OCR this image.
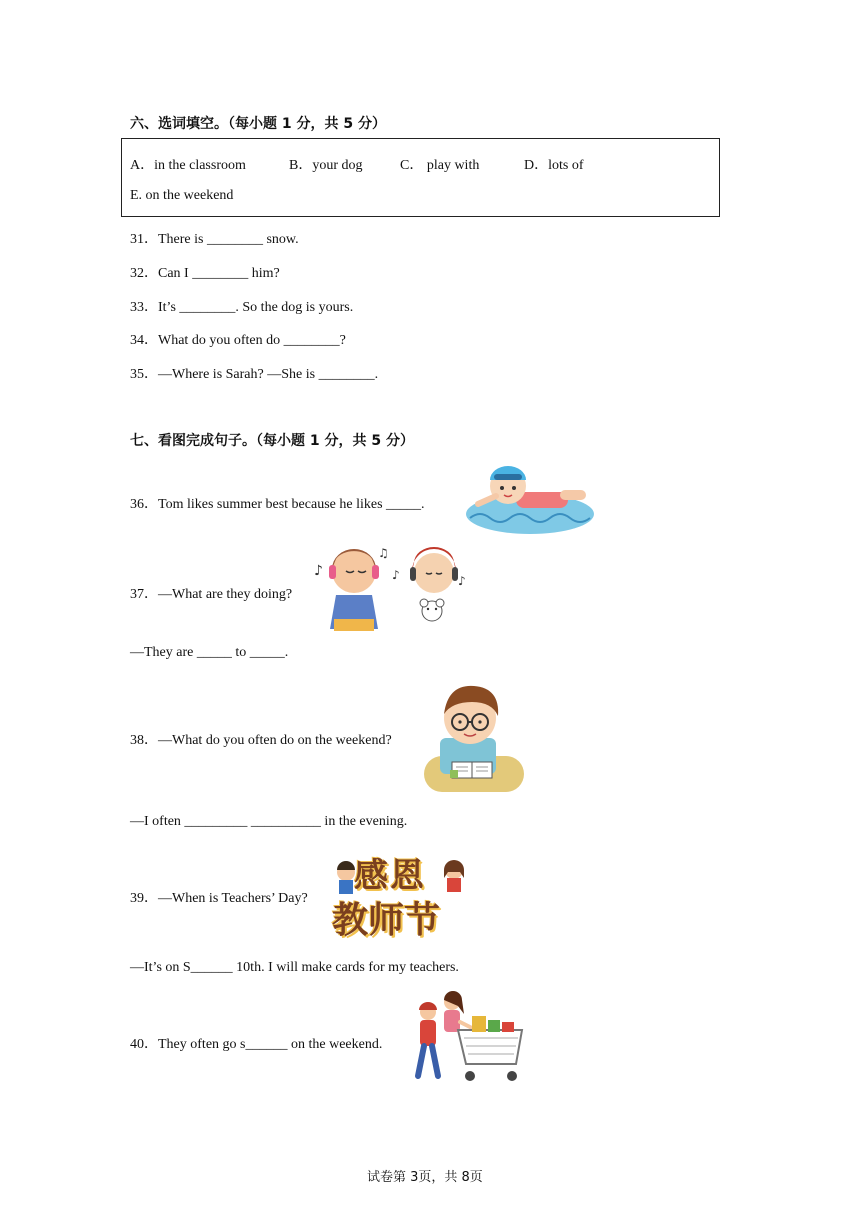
六、选词填空。（每小题 1 分，共 5 分）
A．in the classroom	B．your dog	C． play with	D．lots of
E. on the weekend
31．There is ________ snow.
32．Can I ________ him?
33．It’s ________. So the dog is yours.
34．What do you often do ________?
35．—Where is Sarah? —She is ________.
七、看图完成句子。（每小题 1 分，共 5 分）
36．Tom likes summer best because he likes _____.
37．—What are they doing?
♪
♫
♪	♪
—They are _____ to _____.
38．—What do you often do on the weekend?
—I often _________ __________ in the evening.
39．—When is Teachers’ Day?
感恩
教师节
—It’s on S______ 10th. I will make cards for my teachers.
40．They often go s______ on the weekend.
试卷第 3页，共 8页
